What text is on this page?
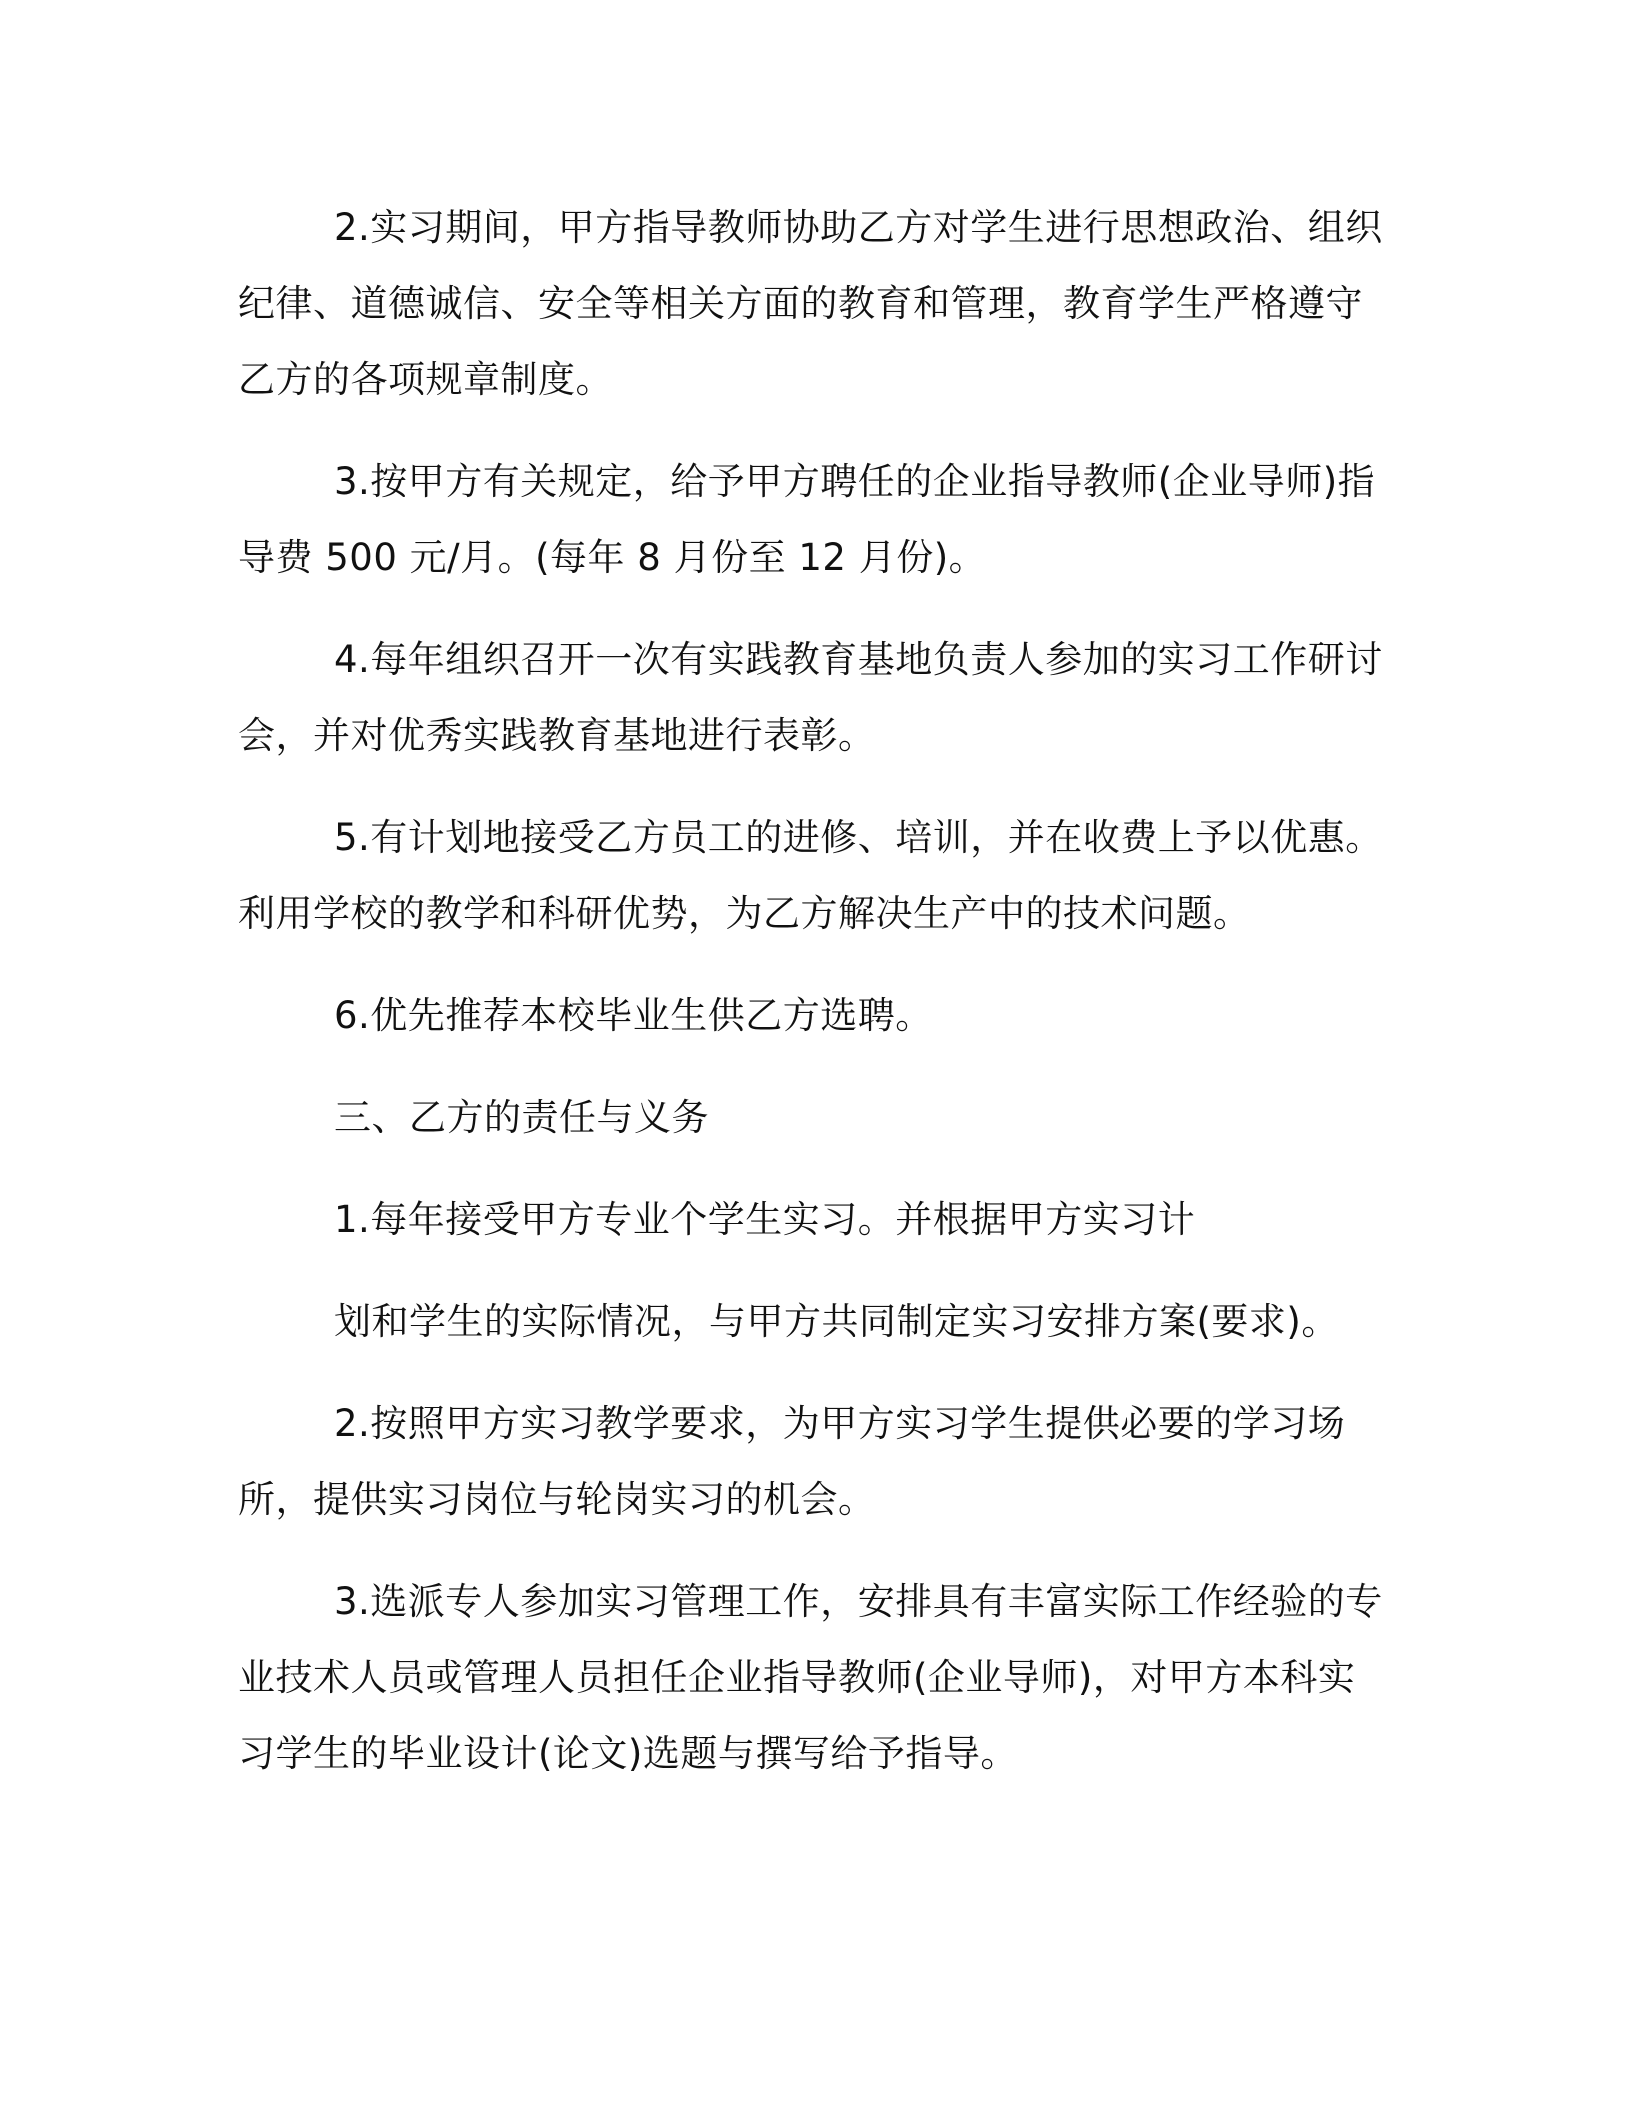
2.实习期间，甲方指导教师协助乙方对学生进行思想政治、组织纪律、道德诚信、安全等相关方面的教育和管理，教育学生严格遵守乙方的各项规章制度。

3.按甲方有关规定，给予甲方聘任的企业指导教师(企业导师)指导费 500 元/月。(每年 8 月份至 12 月份)。

4.每年组织召开一次有实践教育基地负责人参加的实习工作研讨会，并对优秀实践教育基地进行表彰。

5.有计划地接受乙方员工的进修、培训，并在收费上予以优惠。利用学校的教学和科研优势，为乙方解决生产中的技术问题。

6.优先推荐本校毕业生供乙方选聘。

三、乙方的责任与义务

1.每年接受甲方专业个学生实习。并根据甲方实习计

划和学生的实际情况，与甲方共同制定实习安排方案(要求)。

2.按照甲方实习教学要求，为甲方实习学生提供必要的学习场所，提供实习岗位与轮岗实习的机会。

3.选派专人参加实习管理工作，安排具有丰富实际工作经验的专业技术人员或管理人员担任企业指导教师(企业导师)，对甲方本科实习学生的毕业设计(论文)选题与撰写给予指导。
